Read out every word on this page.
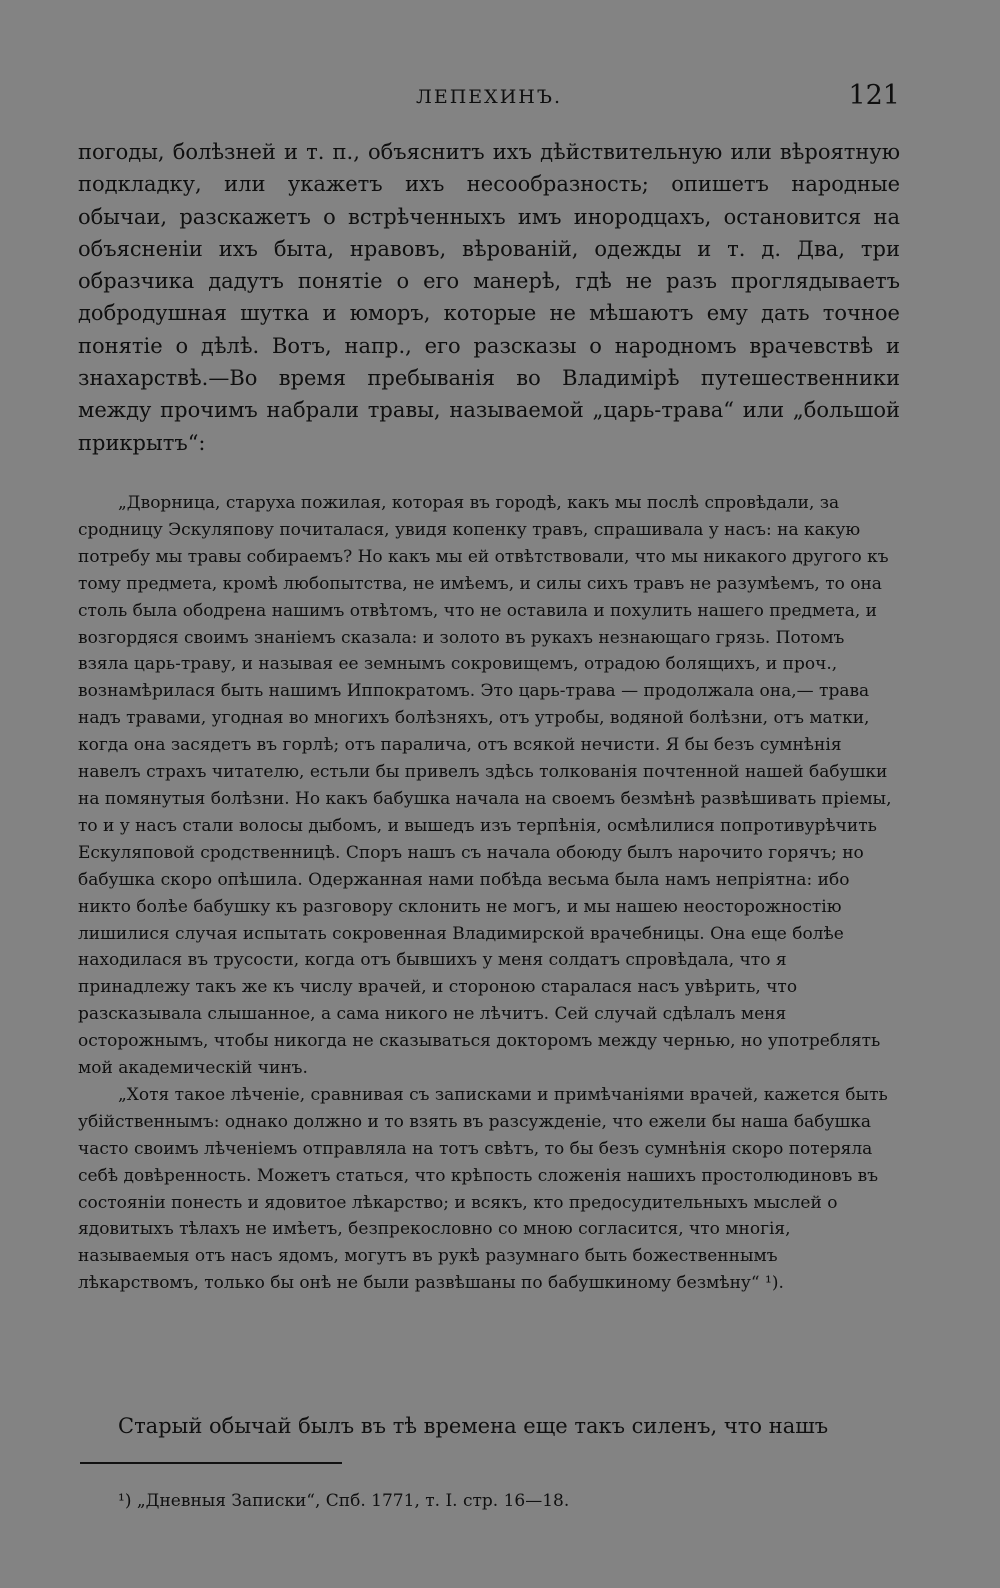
ЛЕПЕХИНЪ.	121

погоды, болѣзней и т. п., объяснитъ ихъ дѣйствительную или вѣроятную подкладку, или укажетъ ихъ несообразность; опишетъ народные обычаи, разскажетъ о встрѣченныхъ имъ инородцахъ, остановится на объясненіи ихъ быта, нравовъ, вѣрованій, одежды и т. д. Два, три образчика дадутъ понятіе о его манерѣ, гдѣ не разъ проглядываетъ добродушная шутка и юморъ, которые не мѣшаютъ ему дать точное понятіе о дѣлѣ. Вотъ, напр., его разсказы о народномъ врачевствѣ и знахарствѣ.—Во время пребыванія во Владимірѣ путешественники между прочимъ набрали травы, называемой „царь-трава“ или „большой прикрытъ“:

„Дворница, старуха пожилая, которая въ городѣ, какъ мы послѣ спровѣдали, за сродницу Эскуляпову почиталася, увидя копенку травъ, спрашивала у насъ: на какую потребу мы травы собираемъ? Но какъ мы ей отвѣтствовали, что мы никакого другого къ тому предмета, кромѣ любопытства, не имѣемъ, и силы сихъ травъ не разумѣемъ, то она столь была ободрена нашимъ отвѣтомъ, что не оставила и похулить нашего предмета, и возгордяся своимъ знаніемъ сказала: и золото въ рукахъ незнающаго грязь. Потомъ взяла царь-траву, и называя ее земнымъ сокровищемъ, отрадою болящихъ, и проч., вознамѣрилася быть нашимъ Иппократомъ. Это царь-трава — продолжала она,— трава надъ травами, угодная во многихъ болѣзняхъ, отъ утробы, водяной болѣзни, отъ матки, когда она засядетъ въ горлѣ; отъ паралича, отъ всякой нечисти. Я бы безъ сумнѣнія навелъ страхъ читателю, естьли бы привелъ здѣсь толкованія почтенной нашей бабушки на помянутыя болѣзни. Но какъ бабушка начала на своемъ безмѣнѣ развѣшивать пріемы, то и у насъ стали волосы дыбомъ, и вышедъ изъ терпѣнія, осмѣлилися попротивурѣчить Ескуляповой сродственницѣ. Споръ нашъ съ начала обоюду былъ нарочито горячъ; но бабушка скоро опѣшила. Одержанная нами побѣда весьма была намъ непріятна: ибо никто болѣе бабушку къ разговору склонить не могъ, и мы нашею неосторожностію лишилися случая испытать сокровенная Владимирской врачебницы. Она еще болѣе находилася въ трусости, когда отъ бывшихъ у меня солдатъ спровѣдала, что я принадлежу такъ же къ числу врачей, и стороною старалася насъ увѣрить, что разсказывала слышанное, а сама никого не лѣчитъ. Сей случай сдѣлалъ меня осторожнымъ, чтобы никогда не сказываться докторомъ между чернью, но употреблять мой академическій чинъ.

„Хотя такое лѣченіе, сравнивая съ записками и примѣчаніями врачей, кажется быть убійственнымъ: однако должно и то взять въ разсужденіе, что ежели бы наша бабушка часто своимъ лѣченіемъ отправляла на тотъ свѣтъ, то бы безъ сумнѣнія скоро потеряла себѣ довѣренность. Можетъ статься, что крѣпость сложенія нашихъ простолюдиновъ въ состояніи понесть и ядовитое лѣкарство; и всякъ, кто предосудительныхъ мыслей о ядовитыхъ тѣлахъ не имѣетъ, безпрекословно со мною согласится, что многія, называемыя отъ насъ ядомъ, могутъ въ рукѣ разумнаго быть божественнымъ лѣкарствомъ, только бы онѣ не были развѣшаны по бабушкиному безмѣну“ ¹).

Старый обычай былъ въ тѣ времена еще такъ силенъ, что нашъ

¹) „Дневныя Записки“, Спб. 1771, т. I. стр. 16—18.
